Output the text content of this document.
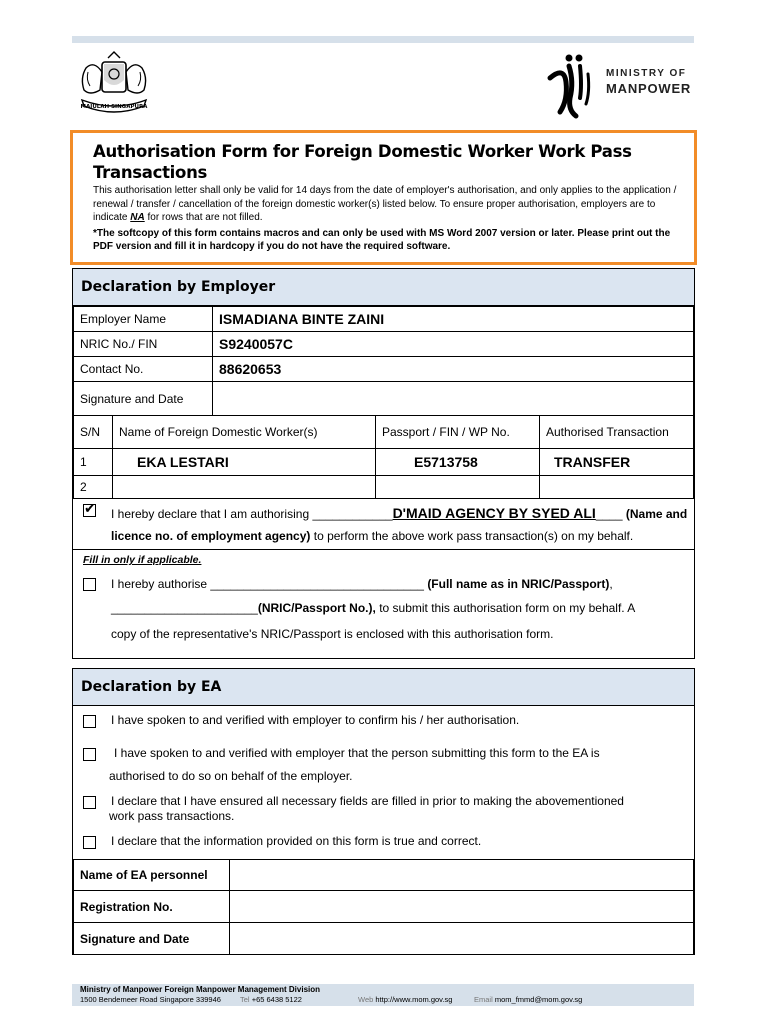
MAJULAH SINGAPURA
MINISTRY OF
MANPOWER
Authorisation Form for Foreign Domestic Worker Work Pass Transactions

This authorisation letter shall only be valid for 14 days from the date of employer's authorisation, and only applies to the application / renewal / transfer / cancellation of the foreign domestic worker(s) listed below. To ensure proper authorisation, employers are to indicate NA for rows that are not filled.

*The softcopy of this form contains macros and can only be used with MS Word 2007 version or later. Please print out the PDF version and fill it in hardcopy if you do not have the required software.

Declaration by Employer
Employer Name	ISMADIANA BINTE ZAINI
NRIC No./ FIN	S9240057C
Contact No.	88620653
Signature and Date	
S/N	Name of Foreign Domestic Worker(s)	Passport / FIN / WP No.	Authorised Transaction
1	EKA LESTARI	E5713758	TRANSFER
2			
✔
I hereby declare that I am authorising ____________D'MAID AGENCY BY SYED ALI____ (Name and
licence no. of employment agency) to perform the above work pass transaction(s) on my behalf.
Fill in only if applicable.
I hereby authorise ________________________________ (Full name as in NRIC/Passport),
______________________(NRIC/Passport No.), to submit this authorisation form on my behalf. A
copy of the representative's NRIC/Passport is enclosed with this authorisation form.
Declaration by EA
I have spoken to and verified with employer to confirm his / her authorisation.
I have spoken to and verified with employer that the person submitting this form to the EA is
authorised to do so on behalf of the employer.
I declare that I have ensured all necessary fields are filled in prior to making the abovementioned
work pass transactions.
I declare that the information provided on this form is true and correct.
Name of EA personnel	
Registration No.	
Signature and Date	
Ministry of Manpower Foreign Manpower Management Division
1500 Bendemeer Road Singapore 339946	Tel +65 6438 5122	Web http://www.mom.gov.sg	Email mom_fmmd@mom.gov.sg
